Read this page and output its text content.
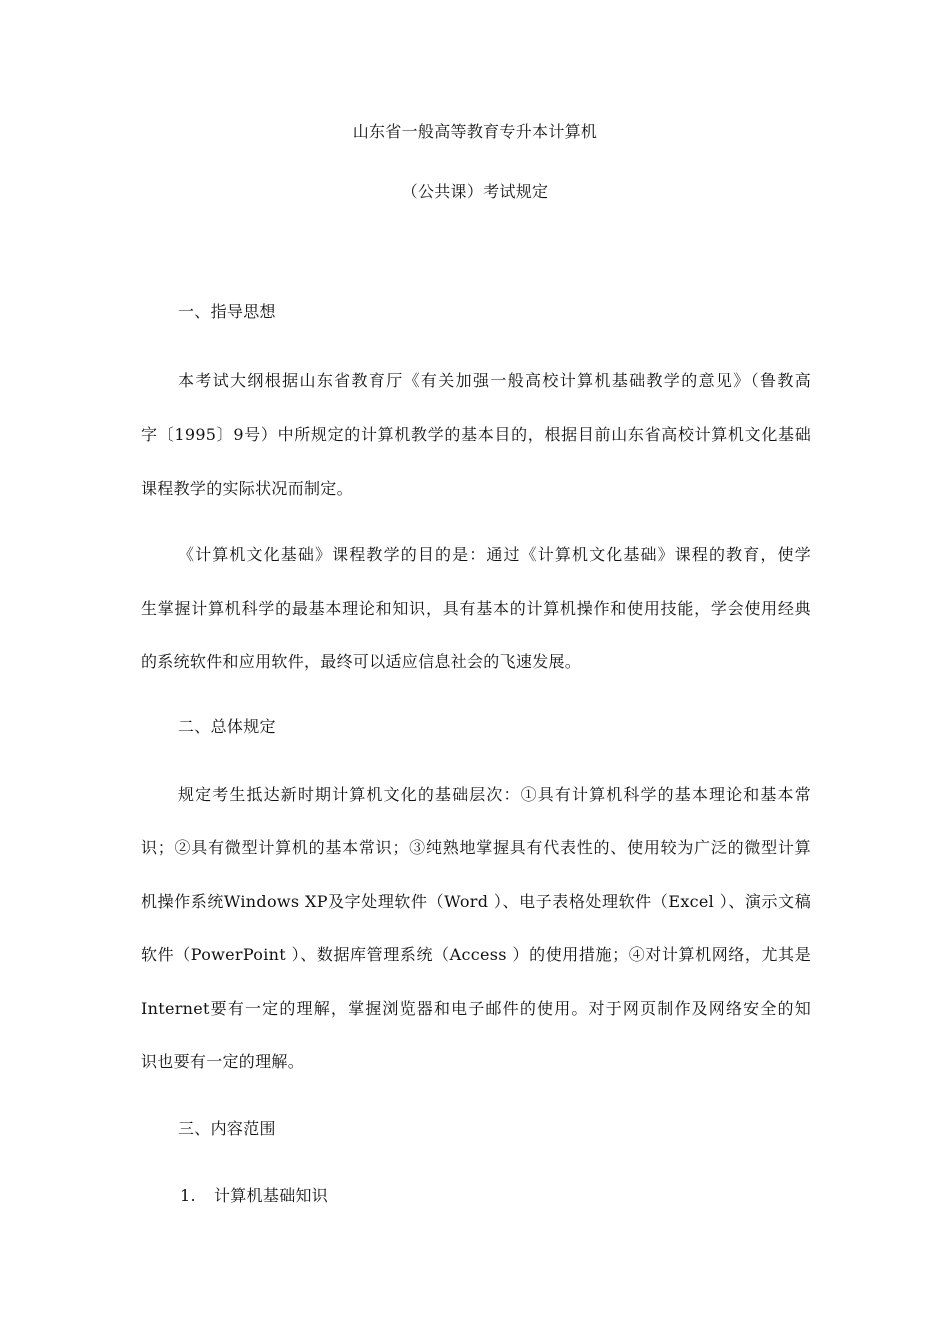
山东省一般高等教育专升本计算机
（公共课）考试规定
一、指导思想
本考试大纲根据山东省教育厅《有关加强一般高校计算机基础教学的意见》（鲁教高
字〔1995〕9号）中所规定的计算机教学的基本目的，根据目前山东省高校计算机文化基础
课程教学的实际状况而制定。
《计算机文化基础》课程教学的目的是：通过《计算机文化基础》课程的教育，使学
生掌握计算机科学的最基本理论和知识，具有基本的计算机操作和使用技能，学会使用经典
的系统软件和应用软件，最终可以适应信息社会的飞速发展。
二、总体规定
规定考生抵达新时期计算机文化的基础层次：①具有计算机科学的基本理论和基本常
识；②具有微型计算机的基本常识；③纯熟地掌握具有代表性的、使用较为广泛的微型计算
机操作系统Windows XP及字处理软件（Word ）、电子表格处理软件（Excel ）、演示文稿
软件（PowerPoint ）、数据库管理系统（Access ）的使用措施；④对计算机网络，尤其是
Internet要有一定的理解，掌握浏览器和电子邮件的使用。对于网页制作及网络安全的知
识也要有一定的理解。
三、内容范围
1. 计算机基础知识
